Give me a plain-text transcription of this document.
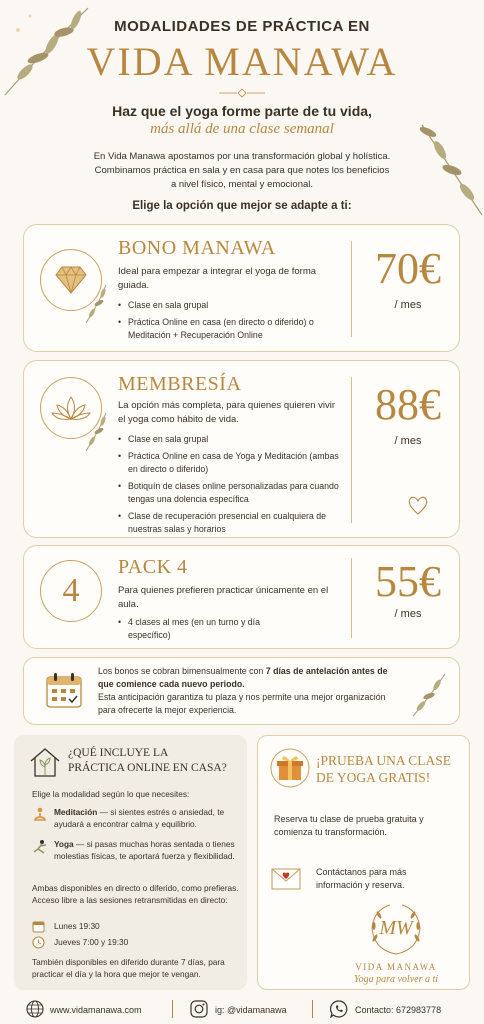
MODALIDADES DE PRÁCTICA EN
VIDA MANAWA
Haz que el yoga forme parte de tu vida,
más allá de una clase semanal
En Vida Manawa apostamos por una transformación global y holística.
Combinamos práctica en sala y en casa para que notes los beneficios
a nivel físico, mental y emocional.
Elige la opción que mejor se adapte a ti:
BONO MANAWA
Ideal para empezar a integrar el yoga de forma guiada.
• Clase en sala grupal
• Práctica Online en casa (en directo o diferido) o Meditación + Recuperación Online
70€
/ mes
MEMBRESÍA
La opción más completa, para quienes quieren vivir el yoga como hábito de vida.
• Clase en sala grupal
• Práctica Online en casa de Yoga y Meditación (ambas en directo o diferido)
• Botiquín de clases online personalizadas para cuando tengas una dolencia específica
• Clase de recuperación presencial en cualquiera de nuestras salas y horarios
88€
/ mes
4
PACK 4
Para quienes prefieren practicar únicamente en el aula.
• 4 clases al mes (en un turno y día específico)
55€
/ mes
Los bonos se cobran bimensualmente con 7 días de antelación antes de que comience cada nuevo periodo.
Esta anticipación garantiza tu plaza y nos permite una mejor organización para ofrecerte la mejor experiencia.
¿QUÉ INCLUYE LA
PRÁCTICA ONLINE EN CASA?
Elige la modalidad según lo que necesites:
Meditación — si sientes estrés o ansiedad, te ayudará a encontrar calma y equilibrio.
Yoga — si pasas muchas horas sentada o tienes molestias físicas, te aportará fuerza y flexibilidad.
Ambas disponibles en directo o diferido, como prefieras. Acceso libre a las sesiones retransmitidas en directo:
Lunes 19:30
Jueves 7:00 y 19:30
También disponibles en diferido durante 7 días, para practicar el día y la hora que mejor te vengan.
¡PRUEBA UNA CLASE
DE YOGA GRATIS!
Reserva tu clase de prueba gratuita y comienza tu transformación.
Contáctanos para más información y reserva.
MW
VIDA MANAWA
Yoga para volver a ti
www.vidamanawa.com	ig: @vidamanawa	Contacto: 672983778
